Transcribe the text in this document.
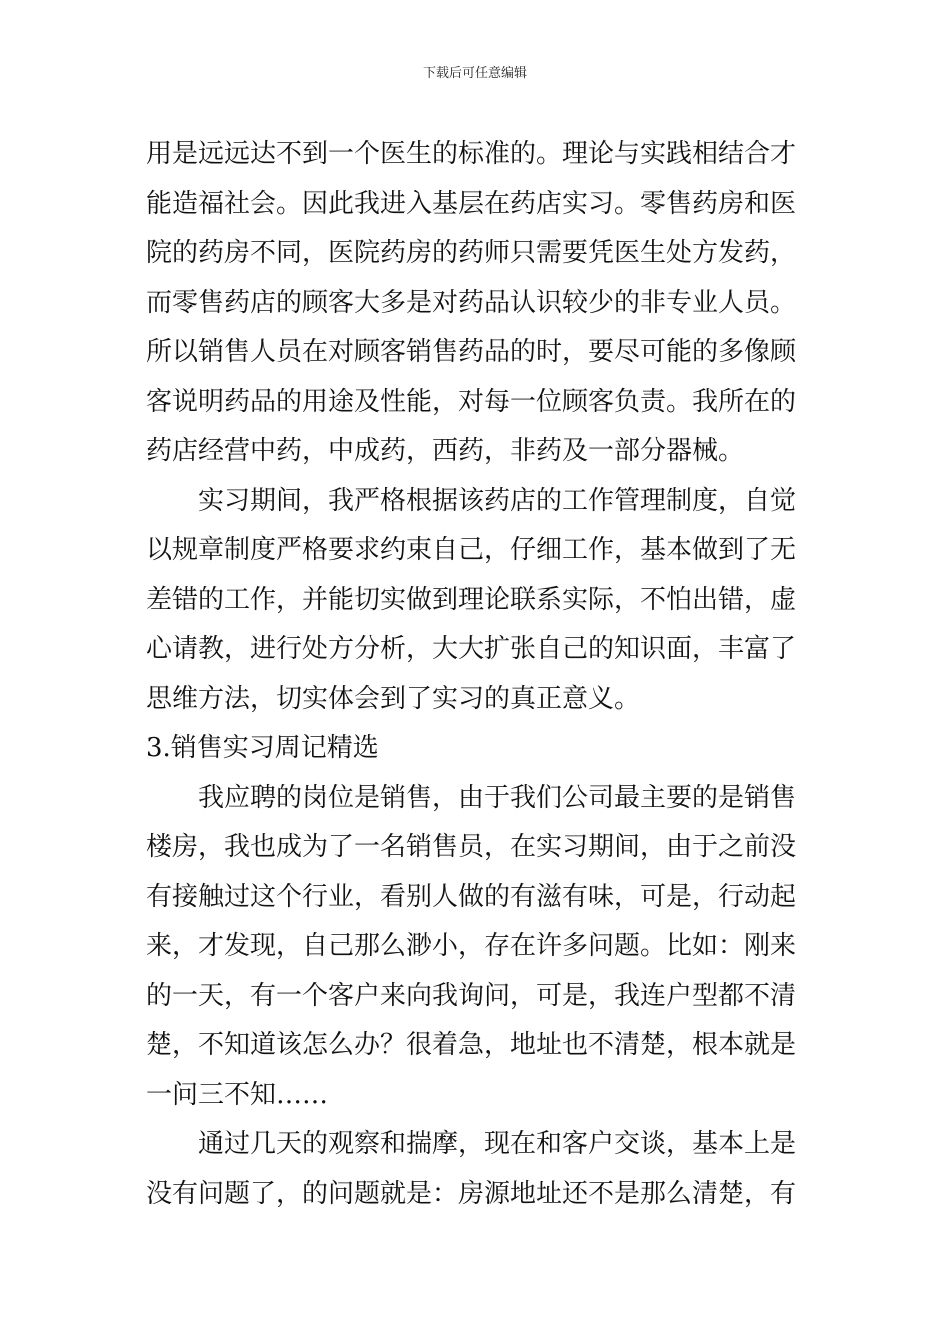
下载后可任意编辑
用是远远达不到一个医生的标准的。理论与实践相结合才
能造福社会。因此我进入基层在药店实习。零售药房和医
院的药房不同，医院药房的药师只需要凭医生处方发药，
而零售药店的顾客大多是对药品认识较少的非专业人员。
所以销售人员在对顾客销售药品的时，要尽可能的多像顾
客说明药品的用途及性能，对每一位顾客负责。我所在的
药店经营中药，中成药，西药，非药及一部分器械。
实习期间，我严格根据该药店的工作管理制度，自觉
以规章制度严格要求约束自己，仔细工作，基本做到了无
差错的工作，并能切实做到理论联系实际，不怕出错，虚
心请教，进行处方分析，大大扩张自己的知识面，丰富了
思维方法，切实体会到了实习的真正意义。
3.销售实习周记精选
我应聘的岗位是销售，由于我们公司最主要的是销售
楼房，我也成为了一名销售员，在实习期间，由于之前没
有接触过这个行业，看别人做的有滋有味，可是，行动起
来，才发现，自己那么渺小，存在许多问题。比如：刚来
的一天，有一个客户来向我询问，可是，我连户型都不清
楚，不知道该怎么办？很着急，地址也不清楚，根本就是
一问三不知……
通过几天的观察和揣摩，现在和客户交谈，基本上是
没有问题了，的问题就是：房源地址还不是那么清楚，有
